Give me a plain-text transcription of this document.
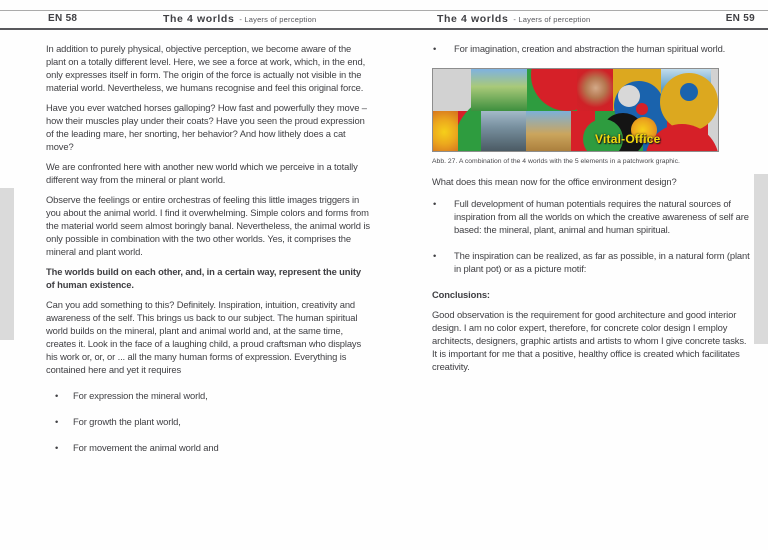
EN 58	The 4 worlds - Layers of perception	The 4 worlds - Layers of perception	EN 59

In addition to purely physical, objective perception, we become aware of the plant on a totally different level. Here, we see a force at work, which, in the end, only expresses itself in form. The origin of the force is actually not visible in the material world. Nevertheless, we humans recognise and feel this original force.

Have you ever watched horses galloping? How fast and powerfully they move – how their muscles play under their coats? Have you seen the proud expression of the leading mare, her snorting, her behavior? And how lithely does a cat move?

We are confronted here with another new world which we perceive in a totally different way from the mineral or plant world.

Observe the feelings or entire orchestras of feeling this little images triggers in you about the animal world. I find it overwhelming. Simple colors and forms from the material world seem almost boringly banal. Nevertheless, the animal world is only possible in combination with the two other worlds. Yes, it comprises the mineral and plant world.

The worlds build on each other, and, in a certain way, represent the unity of human existence.

Can you add something to this? Definitely. Inspiration, intuition, creativity and awareness of the self. This brings us back to our subject. The human spiritual world builds on the mineral, plant and animal world and, at the same time, creates it. Look in the face of a laughing child, a proud craftsman who displays his work or, or, or ... all the many human forms of expression. Everything is contained here and yet it requires

•	For expression the mineral world,
•	For growth the plant world,
•	For movement the animal world and
•	For imagination, creation and abstraction the human spiritual world.
Vital-Office

Abb. 27. A combination of the 4 worlds with the 5 elements in a patchwork graphic.

What does this mean now for the office environment design?

•	Full development of human potentials requires the natural sources of inspiration from all the worlds on which the creative awareness of self are based: the mineral, plant, animal and human spiritual.
•	The inspiration can be realized, as far as possible, in a natural form (plant in plant pot) or as a picture motif:

Conclusions:

Good observation is the requirement for good architecture and good interior design. I am no color expert, therefore, for concrete color design I employ architects, designers, graphic artists and artists to whom I give concrete tasks. It is important for me that a positive, healthy office is created which facilitates creativity.
